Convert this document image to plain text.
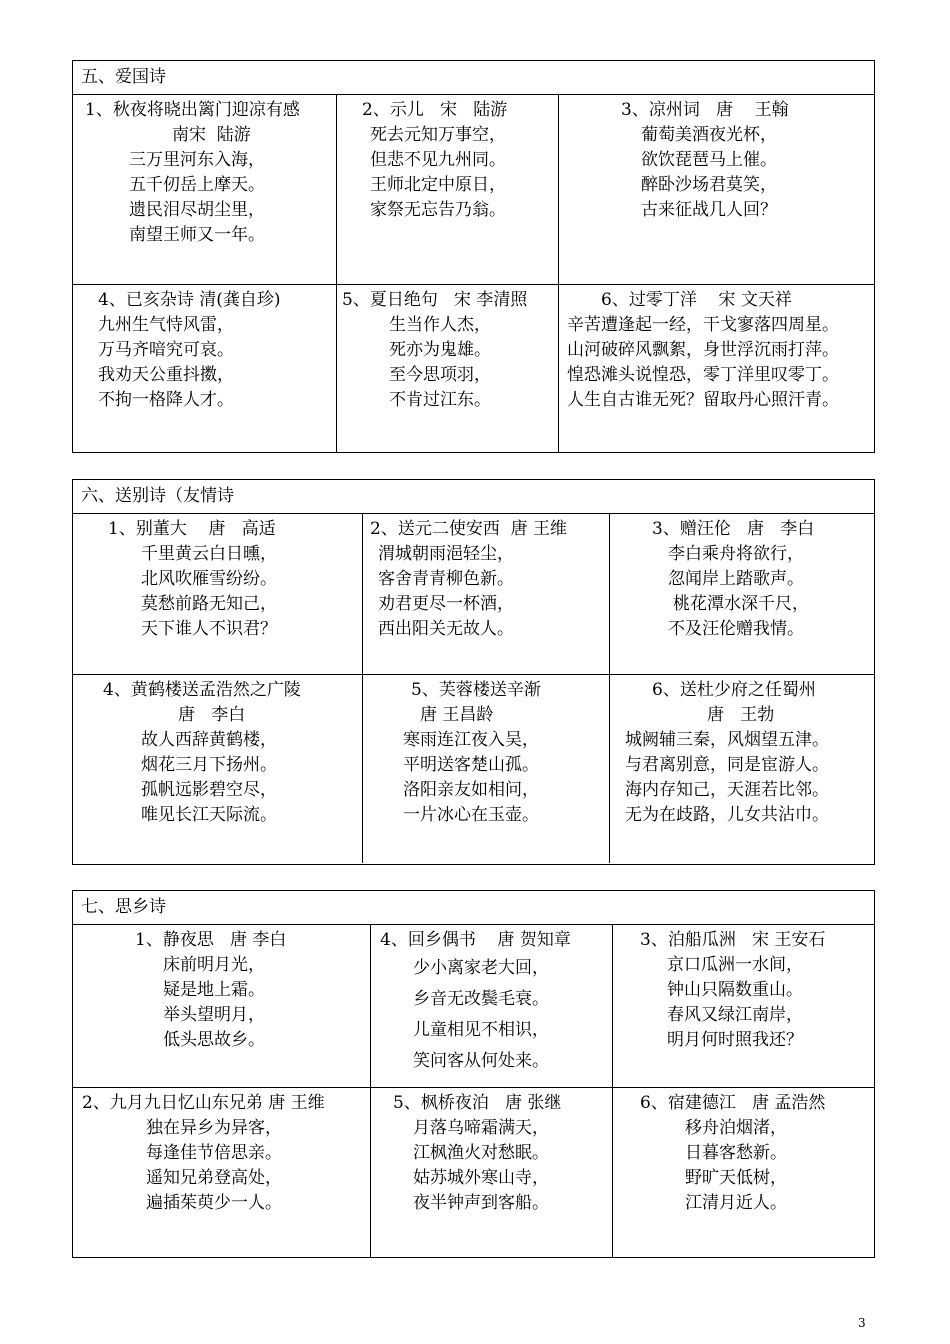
五、爱国诗
1、秋夜将晓出篱门迎凉有感
南宋  陆游
三万里河东入海，
五千仞岳上摩天。
遗民泪尽胡尘里，
南望王师又一年。
2、示儿   宋   陆游
死去元知万事空，
但悲不见九州同。
王师北定中原日，
家祭无忘告乃翁。
3、凉州词   唐    王翰
葡萄美酒夜光杯，
欲饮琵琶马上催。
醉卧沙场君莫笑，
古来征战几人回？
4、已亥杂诗 清(龚自珍)
九州生气恃风雷，
万马齐喑究可哀。
我劝天公重抖擞，
不拘一格降人才。
5、夏日绝句   宋 李清照
生当作人杰，
死亦为鬼雄。
至今思项羽，
不肯过江东。
6、过零丁洋    宋 文天祥
辛苦遭逢起一经，干戈寥落四周星。
山河破碎风飘絮，身世浮沉雨打萍。
惶恐滩头说惶恐，零丁洋里叹零丁。
人生自古谁无死？留取丹心照汗青。
六、送别诗（友情诗
1、别董大    唐   高适
千里黄云白日曛，
北风吹雁雪纷纷。
莫愁前路无知己，
天下谁人不识君？
2、送元二使安西  唐 王维
渭城朝雨浥轻尘，
客舍青青柳色新。
劝君更尽一杯酒，
西出阳关无故人。
3、赠汪伦   唐   李白
李白乘舟将欲行，
忽闻岸上踏歌声。
桃花潭水深千尺，
不及汪伦赠我情。
4、黄鹤楼送孟浩然之广陵
唐   李白
故人西辞黄鹤楼，
烟花三月下扬州。
孤帆远影碧空尽，
唯见长江天际流。
5、芙蓉楼送辛渐
唐 王昌龄
寒雨连江夜入吴，
平明送客楚山孤。
洛阳亲友如相问，
一片冰心在玉壶。
6、送杜少府之任蜀州
唐   王勃
城阙辅三秦，风烟望五津。
与君离别意，同是宦游人。
海内存知己，天涯若比邻。
无为在歧路，儿女共沾巾。
七、思乡诗
1、静夜思   唐 李白
床前明月光，
疑是地上霜。
举头望明月，
低头思故乡。
4、回乡偶书    唐 贺知章
少小离家老大回，
乡音无改鬓毛衰。
儿童相见不相识，
笑问客从何处来。
3、泊船瓜洲   宋 王安石
京口瓜洲一水间，
钟山只隔数重山。
春风又绿江南岸，
明月何时照我还？
2、九月九日忆山东兄弟 唐 王维
独在异乡为异客，
每逢佳节倍思亲。
遥知兄弟登高处，
遍插茱萸少一人。
5、枫桥夜泊   唐 张继
月落乌啼霜满天，
江枫渔火对愁眠。
姑苏城外寒山寺，
夜半钟声到客船。
6、宿建德江   唐 孟浩然
移舟泊烟渚，
日暮客愁新。
野旷天低树，
江清月近人。
3
